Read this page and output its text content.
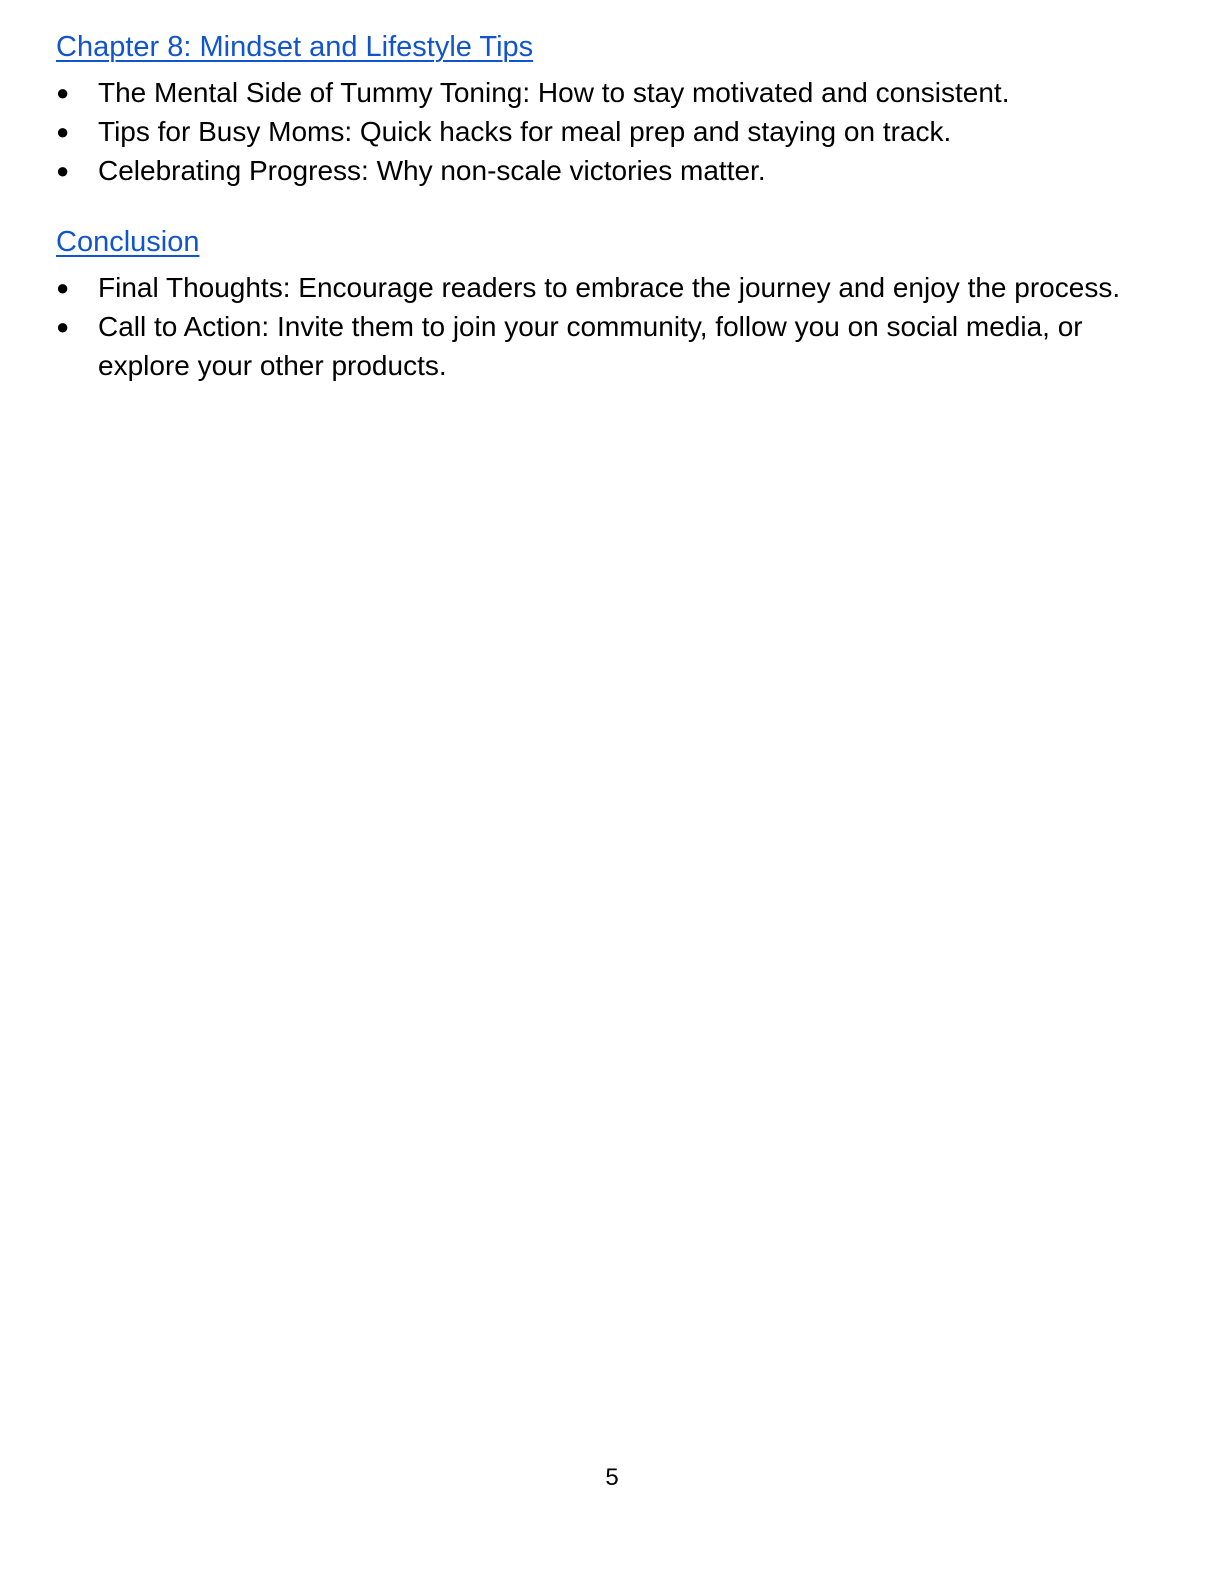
Chapter 8: Mindset and Lifestyle Tips
●	The Mental Side of Tummy Toning: How to stay motivated and consistent.
●	Tips for Busy Moms: Quick hacks for meal prep and staying on track.
●	Celebrating Progress: Why non-scale victories matter.
Conclusion
●	Final Thoughts: Encourage readers to embrace the journey and enjoy the process.
●	Call to Action: Invite them to join your community, follow you on social media, or explore your other products.
5
